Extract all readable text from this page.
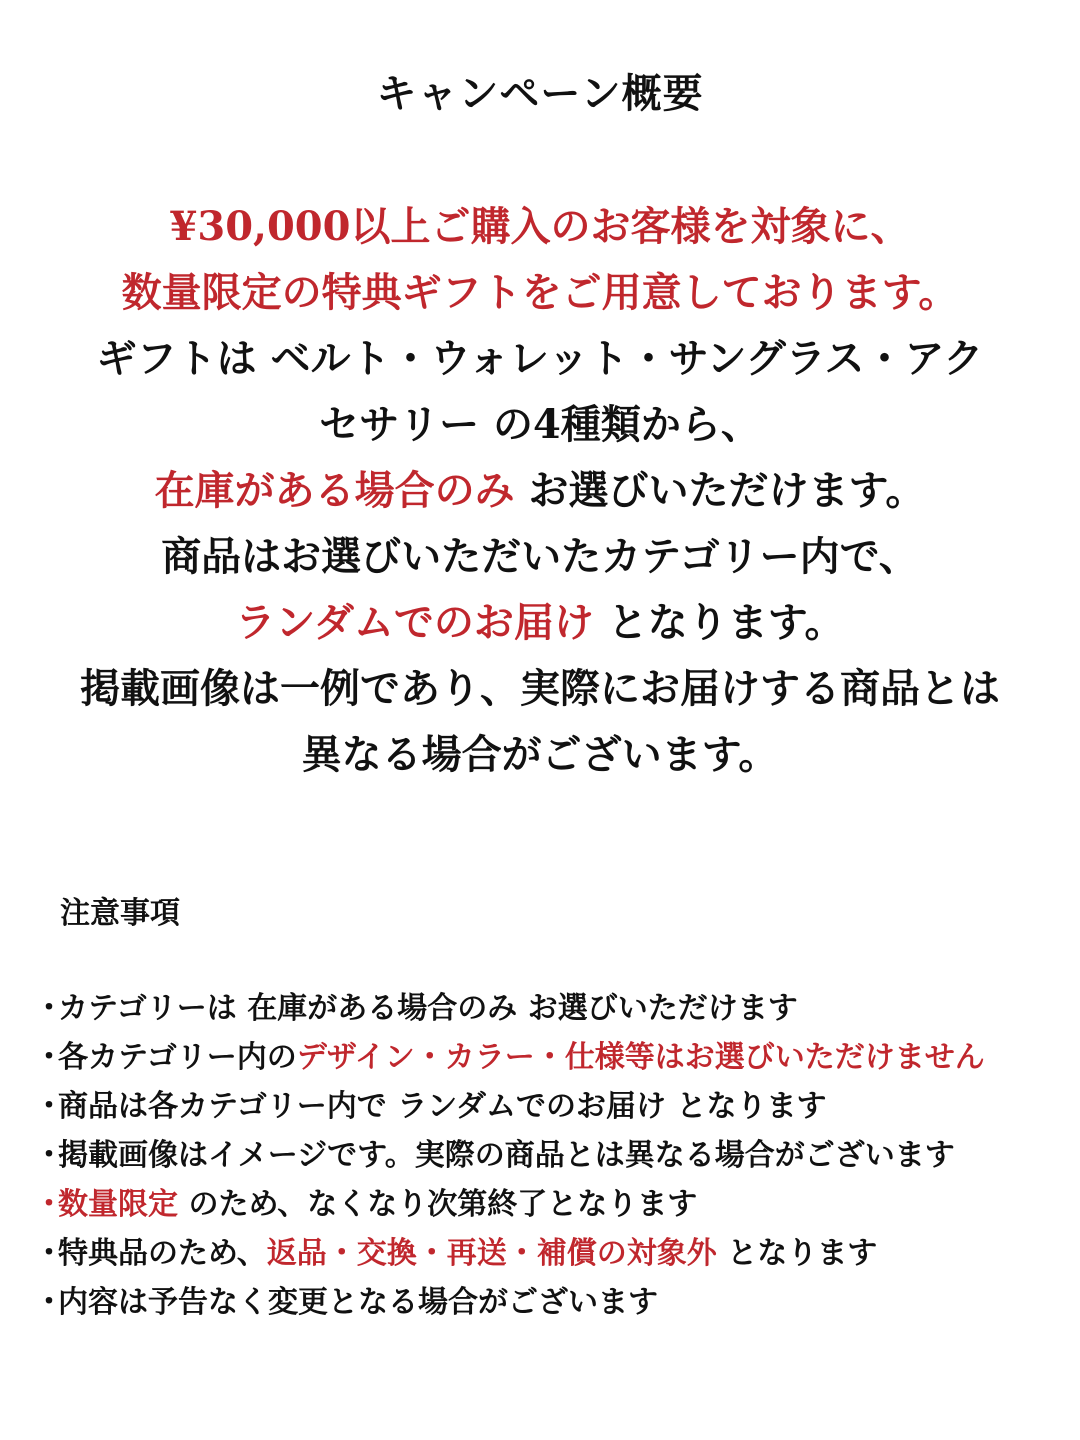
キャンペーン概要
¥30,000以上ご購入のお客様を対象に、
数量限定の特典ギフトをご用意しております。
ギフトは ベルト・ウォレット・サングラス・アク
セサリー の4種類から、
在庫がある場合のみ お選びいただけます。
商品はお選びいただいたカテゴリー内で、
ランダムでのお届け となります。
掲載画像は一例であり、実際にお届けする商品とは
異なる場合がございます。
注意事項
・カテゴリーは 在庫がある場合のみ お選びいただけます
・各カテゴリー内のデザイン・カラー・仕様等はお選びいただけません
・商品は各カテゴリー内で ランダムでのお届け となります
・掲載画像はイメージです。実際の商品とは異なる場合がございます
・数量限定 のため、なくなり次第終了となります
・特典品のため、返品・交換・再送・補償の対象外 となります
・内容は予告なく変更となる場合がございます
